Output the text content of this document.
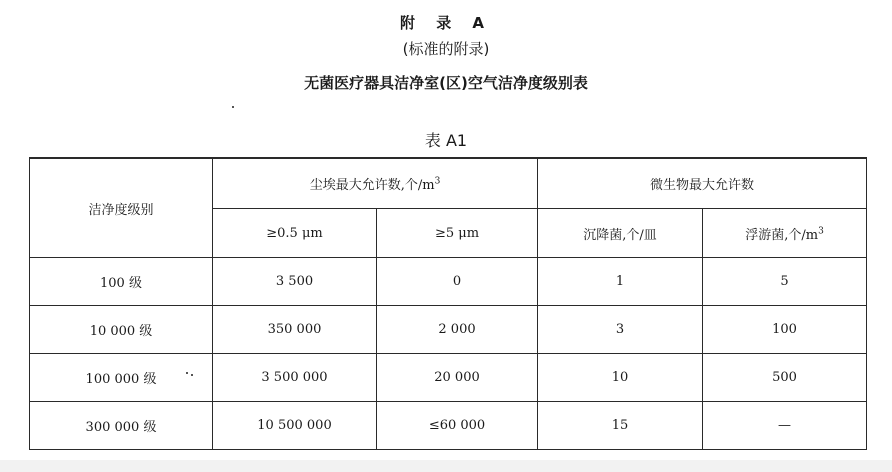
附 录 A
(标准的附录)
无菌医疗器具洁净室(区)空气洁净度级别表
表 A1
洁净度级别	尘埃最大允许数,个$/m^3$		微生物最大允许数	
	≥0.5 μm	≥5 μm	沉降菌,个/皿	浮游菌,个$/m^3$
100 级	3 500	0	1	5
10 000 级	350 000	2 000	3	100
100 000 级	3 500 000	20 000	10	500
300 000 级	10 500 000	≤60 000	15	—
